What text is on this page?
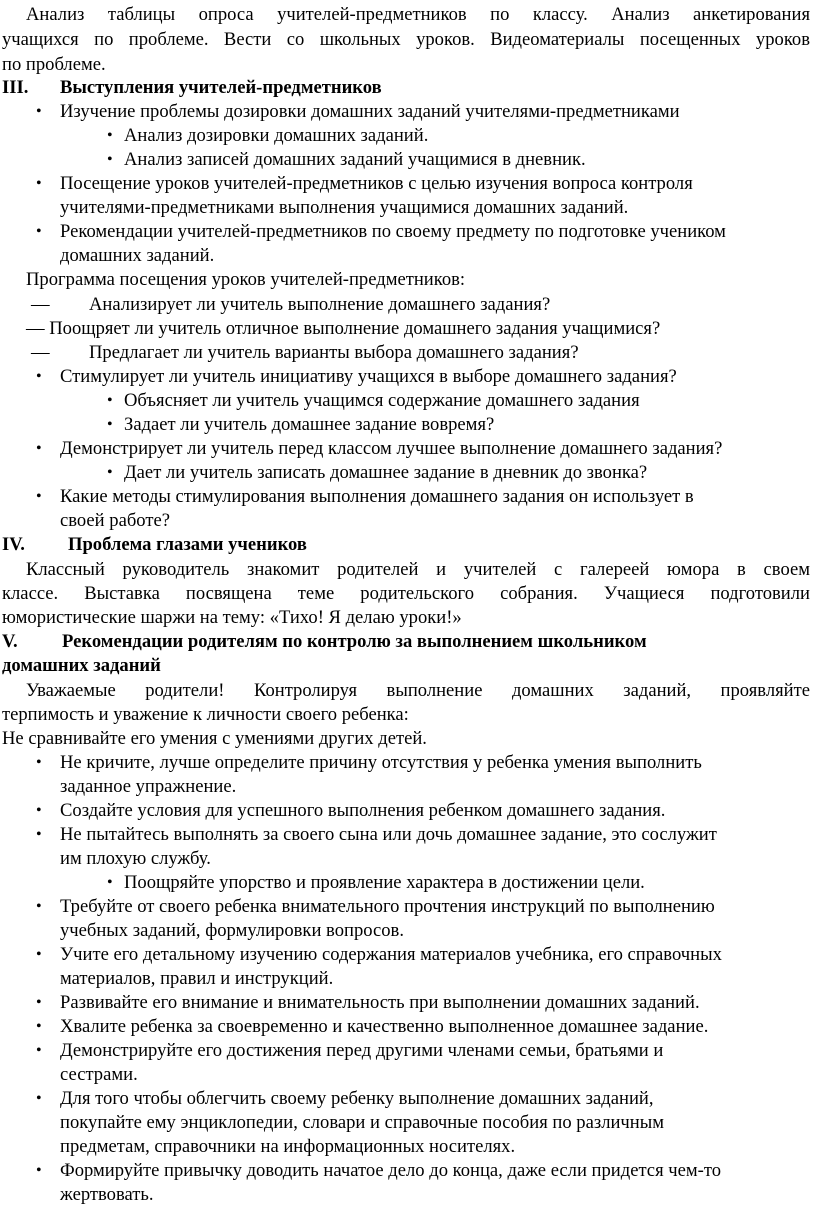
Анализ таблицы опроса учителей-предметников по классу. Анализ анкетирования
учащихся по проблеме. Вести со школьных уроков. Видеоматериалы посещенных уроков
по проблеме.
III. Выступления учителей-предметников
• Изучение проблемы дозировки домашних заданий учителями-предметниками
• Анализ дозировки домашних заданий.
• Анализ записей домашних заданий учащимися в дневник.
• Посещение уроков учителей-предметников с целью изучения вопроса контроля
учителями-предметниками выполнения учащимися домашних заданий.
• Рекомендации учителей-предметников по своему предмету по подготовке учеником
домашних заданий.
Программа посещения уроков учителей-предметников:
— Анализирует ли учитель выполнение домашнего задания?
— Поощряет ли учитель отличное выполнение домашнего задания учащимися?
— Предлагает ли учитель варианты выбора домашнего задания?
• Стимулирует ли учитель инициативу учащихся в выборе домашнего задания?
• Объясняет ли учитель учащимся содержание домашнего задания
• Задает ли учитель домашнее задание вовремя?
• Демонстрирует ли учитель перед классом лучшее выполнение домашнего задания?
• Дает ли учитель записать домашнее задание в дневник до звонка?
• Какие методы стимулирования выполнения домашнего задания он использует в
своей работе?
IV. Проблема глазами учеников
Классный руководитель знакомит родителей и учителей с галереей юмора в своем
классе. Выставка посвящена теме родительского собрания. Учащиеся подготовили
юмористические шаржи на тему: «Тихо! Я делаю уроки!»
V. Рекомендации родителям по контролю за выполнением школьником
домашних заданий
Уважаемые родители! Контролируя выполнение домашних заданий, проявляйте
терпимость и уважение к личности своего ребенка:
Не сравнивайте его умения с умениями других детей.
• Не кричите, лучше определите причину отсутствия у ребенка умения выполнить
заданное упражнение.
• Создайте условия для успешного выполнения ребенком домашнего задания.
• Не пытайтесь выполнять за своего сына или дочь домашнее задание, это сослужит
им плохую службу.
• Поощряйте упорство и проявление характера в достижении цели.
• Требуйте от своего ребенка внимательного прочтения инструкций по выполнению
учебных заданий, формулировки вопросов.
• Учите его детальному изучению содержания материалов учебника, его справочных
материалов, правил и инструкций.
• Развивайте его внимание и внимательность при выполнении домашних заданий.
• Хвалите ребенка за своевременно и качественно выполненное домашнее задание.
• Демонстрируйте его достижения перед другими членами семьи, братьями и
сестрами.
• Для того чтобы облегчить своему ребенку выполнение домашних заданий,
покупайте ему энциклопедии, словари и справочные пособия по различным
предметам, справочники на информационных носителях.
• Формируйте привычку доводить начатое дело до конца, даже если придется чем-то
жертвовать.
